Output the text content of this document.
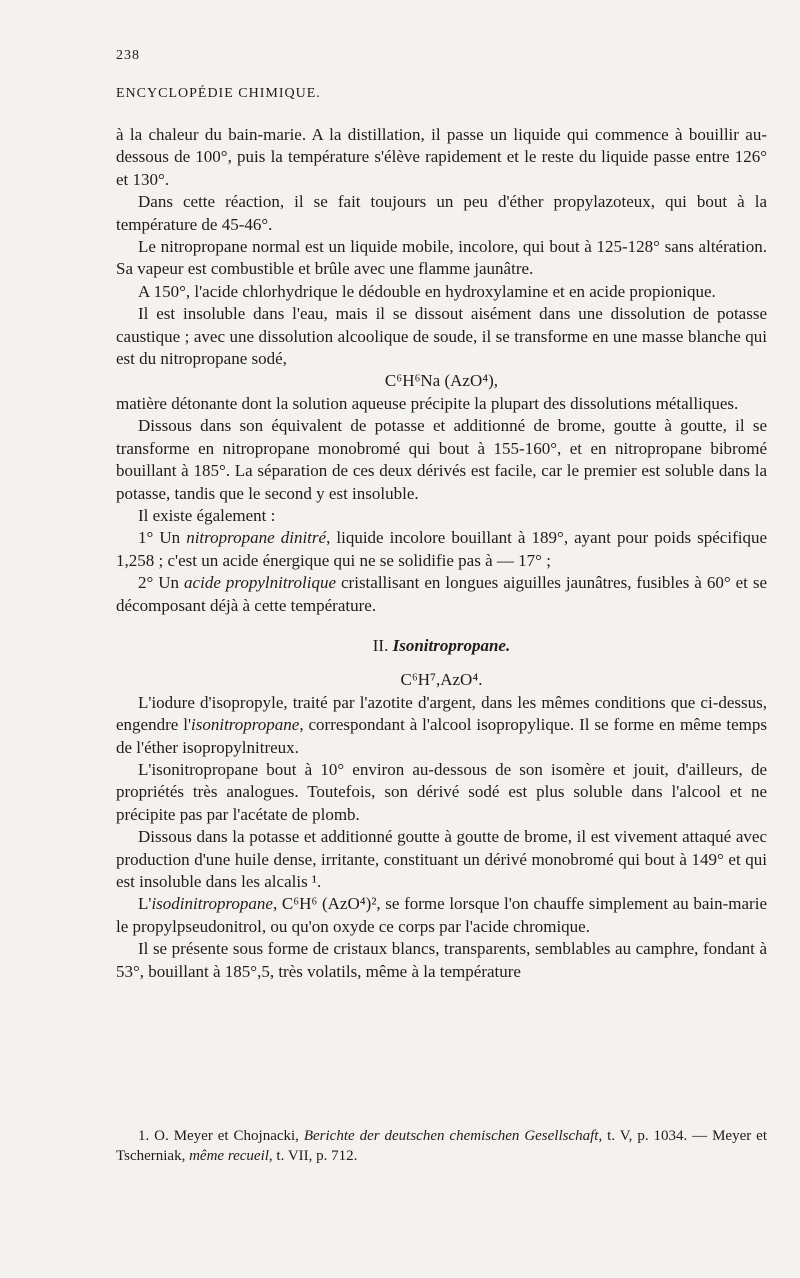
238
ENCYCLOPÉDIE CHIMIQUE.

à la chaleur du bain-marie. A la distillation, il passe un liquide qui commence à bouillir au-dessous de 100°, puis la température s'élève rapidement et le reste du liquide passe entre 126° et 130°.

Dans cette réaction, il se fait toujours un peu d'éther propylazoteux, qui bout à la température de 45-46°.

Le nitropropane normal est un liquide mobile, incolore, qui bout à 125-128° sans altération. Sa vapeur est combustible et brûle avec une flamme jaunâtre.

A 150°, l'acide chlorhydrique le dédouble en hydroxylamine et en acide propionique.

Il est insoluble dans l'eau, mais il se dissout aisément dans une dissolution de potasse caustique ; avec une dissolution alcoolique de soude, il se transforme en une masse blanche qui est du nitropropane sodé,

C⁶H⁶Na (AzO⁴),

matière détonante dont la solution aqueuse précipite la plupart des dissolutions métalliques.

Dissous dans son équivalent de potasse et additionné de brome, goutte à goutte, il se transforme en nitropropane monobromé qui bout à 155-160°, et en nitropropane bibromé bouillant à 185°. La séparation de ces deux dérivés est facile, car le premier est soluble dans la potasse, tandis que le second y est insoluble.

Il existe également :

1° Un nitropropane dinitré, liquide incolore bouillant à 189°, ayant pour poids spécifique 1,258 ; c'est un acide énergique qui ne se solidifie pas à — 17° ;

2° Un acide propylnitrolique cristallisant en longues aiguilles jaunâtres, fusibles à 60° et se décomposant déjà à cette température.

II. Isonitropropane.

C⁶H⁷,AzO⁴.

L'iodure d'isopropyle, traité par l'azotite d'argent, dans les mêmes conditions que ci-dessus, engendre l'isonitropropane, correspondant à l'alcool isopropylique. Il se forme en même temps de l'éther isopropylnitreux.

L'isonitropropane bout à 10° environ au-dessous de son isomère et jouit, d'ailleurs, de propriétés très analogues. Toutefois, son dérivé sodé est plus soluble dans l'alcool et ne précipite pas par l'acétate de plomb.

Dissous dans la potasse et additionné goutte à goutte de brome, il est vivement attaqué avec production d'une huile dense, irritante, constituant un dérivé monobromé qui bout à 149° et qui est insoluble dans les alcalis ¹.

L'isodinitropropane, C⁶H⁶ (AzO⁴)², se forme lorsque l'on chauffe simplement au bain-marie le propylpseudonitrol, ou qu'on oxyde ce corps par l'acide chromique.

Il se présente sous forme de cristaux blancs, transparents, semblables au camphre, fondant à 53°, bouillant à 185°,5, très volatils, même à la température

1. O. Meyer et Chojnacki, Berichte der deutschen chemischen Gesellschaft, t. V, p. 1034. — Meyer et Tscherniak, même recueil, t. VII, p. 712.
